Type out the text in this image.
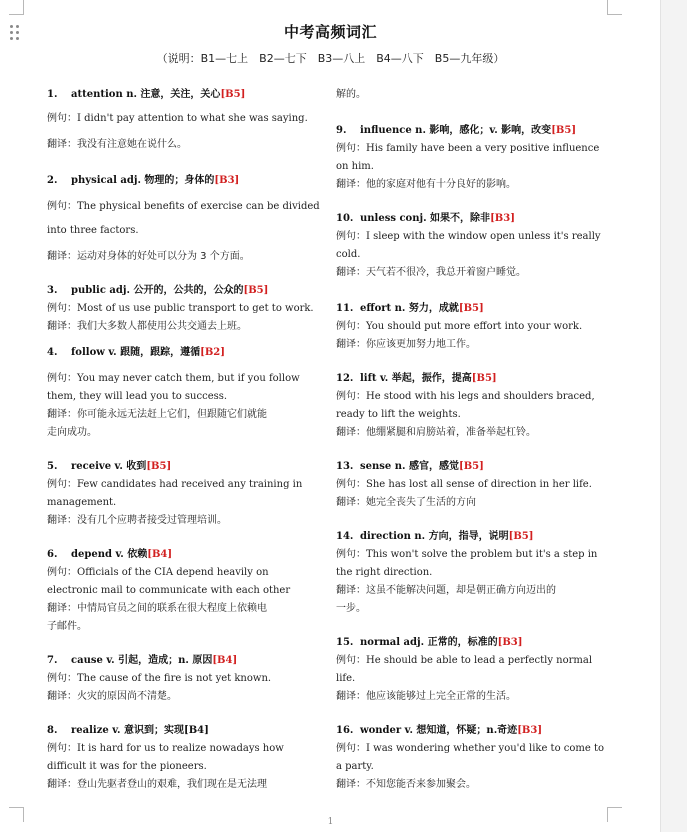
中考高频词汇
（说明：B1—七上　B2—七下　B3—八上　B4—八下　B5—九年级）
1. attention n. 注意，关注，关心[B5]
例句：I didn't pay attention to what she was saying.
翻译：我没有注意她在说什么。
2. physical adj. 物理的；身体的[B3]
例句：The physical benefits of exercise can be divided
into three factors.
翻译：运动对身体的好处可以分为 3 个方面。
3. public adj. 公开的，公共的，公众的[B5]
例句：Most of us use public transport to get to work.
翻译：我们大多数人都使用公共交通去上班。
4. follow v. 跟随，跟踪，遵循[B2]
例句：You may never catch them, but if you follow
them, they will lead you to success.
翻译：你可能永远无法赶上它们，但跟随它们就能
走向成功。
5. receive v. 收到[B5]
例句：Few candidates had received any training in
management.
翻译：没有几个应聘者接受过管理培训。
6. depend v. 依赖[B4]
例句：Officials of the CIA depend heavily on
electronic mail to communicate with each other
翻译：中情局官员之间的联系在很大程度上依赖电
子邮件。
7. cause v. 引起，造成；n. 原因[B4]
例句：The cause of the fire is not yet known.
翻译：火灾的原因尚不清楚。
8. realize v. 意识到；实现[B4]
例句：It is hard for us to realize nowadays how
difficult it was for the pioneers.
翻译：登山先驱者登山的艰难，我们现在是无法理
解的。
9. influence n. 影响，感化；v. 影响，改变[B5]
例句：His family have been a very positive influence
on him.
翻译：他的家庭对他有十分良好的影响。
10. unless conj. 如果不，除非[B3]
例句：I sleep with the window open unless it's really
cold.
翻译：天气若不很冷，我总开着窗户睡觉。
11. effort n. 努力，成就[B5]
例句：You should put more effort into your work.
翻译：你应该更加努力地工作。
12. lift v. 举起，振作，提高[B5]
例句：He stood with his legs and shoulders braced,
ready to lift the weights.
翻译：他绷紧腿和肩膀站着，准备举起杠铃。
13. sense n. 感官，感觉[B5]
例句：She has lost all sense of direction in her life.
翻译：她完全丧失了生活的方向
14. direction n. 方向，指导，说明[B5]
例句：This won't solve the problem but it's a step in
the right direction.
翻译：这虽不能解决问题，却是朝正确方向迈出的
一步。
15. normal adj. 正常的，标准的[B3]
例句：He should be able to lead a perfectly normal
life.
翻译：他应该能够过上完全正常的生活。
16. wonder v. 想知道，怀疑；n.奇迹[B3]
例句：I was wondering whether you'd like to come to
a party.
翻译：不知您能否来参加聚会。
1
